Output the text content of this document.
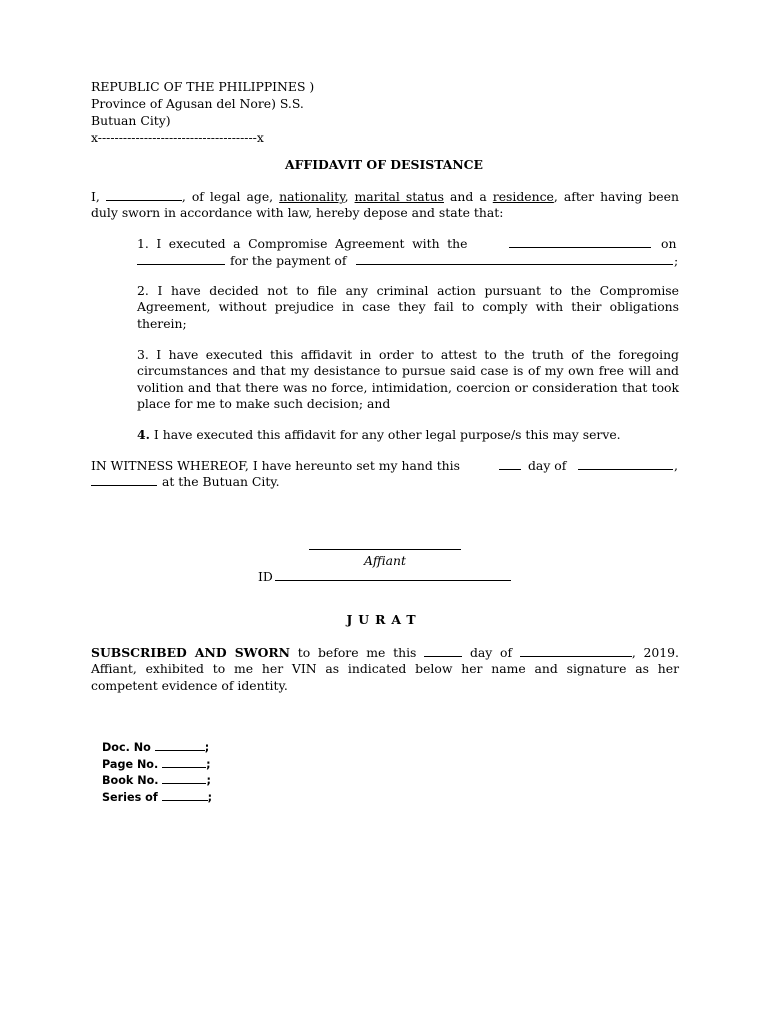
REPUBLIC OF THE PHILIPPINES )
Province of Agusan del Nore) S.S.
Butuan City)
x--------------------------------------x
AFFIDAVIT OF DESISTANCE
I,	, of legal age, nationality, marital status and a residence, after having been duly sworn in accordance with law, hereby depose and state that:
1. I executed a Compromise Agreement with the	on
for the payment of	;
2. I have decided not to file any criminal action pursuant to the Compromise Agreement, without prejudice in case they fail to comply with their obligations therein;
3. I have executed this affidavit in order to attest to the truth of the foregoing circumstances and that my desistance to pursue said case is of my own free will and volition and that there was no force, intimidation, coercion or consideration that took place for me to make such decision; and
4. I have executed this affidavit for any other legal purpose/s this may serve.
IN WITNESS WHEREOF, I have hereunto set my hand this	day of	,
at the Butuan City.
Affiant
ID
JURAT
SUBSCRIBED AND SWORN to before me this	day of	, 2019. Affiant, exhibited to me her VIN as indicated below her name and signature as her competent evidence of identity.
Doc. No	;
Page No.	;
Book No.	;
Series of	;
